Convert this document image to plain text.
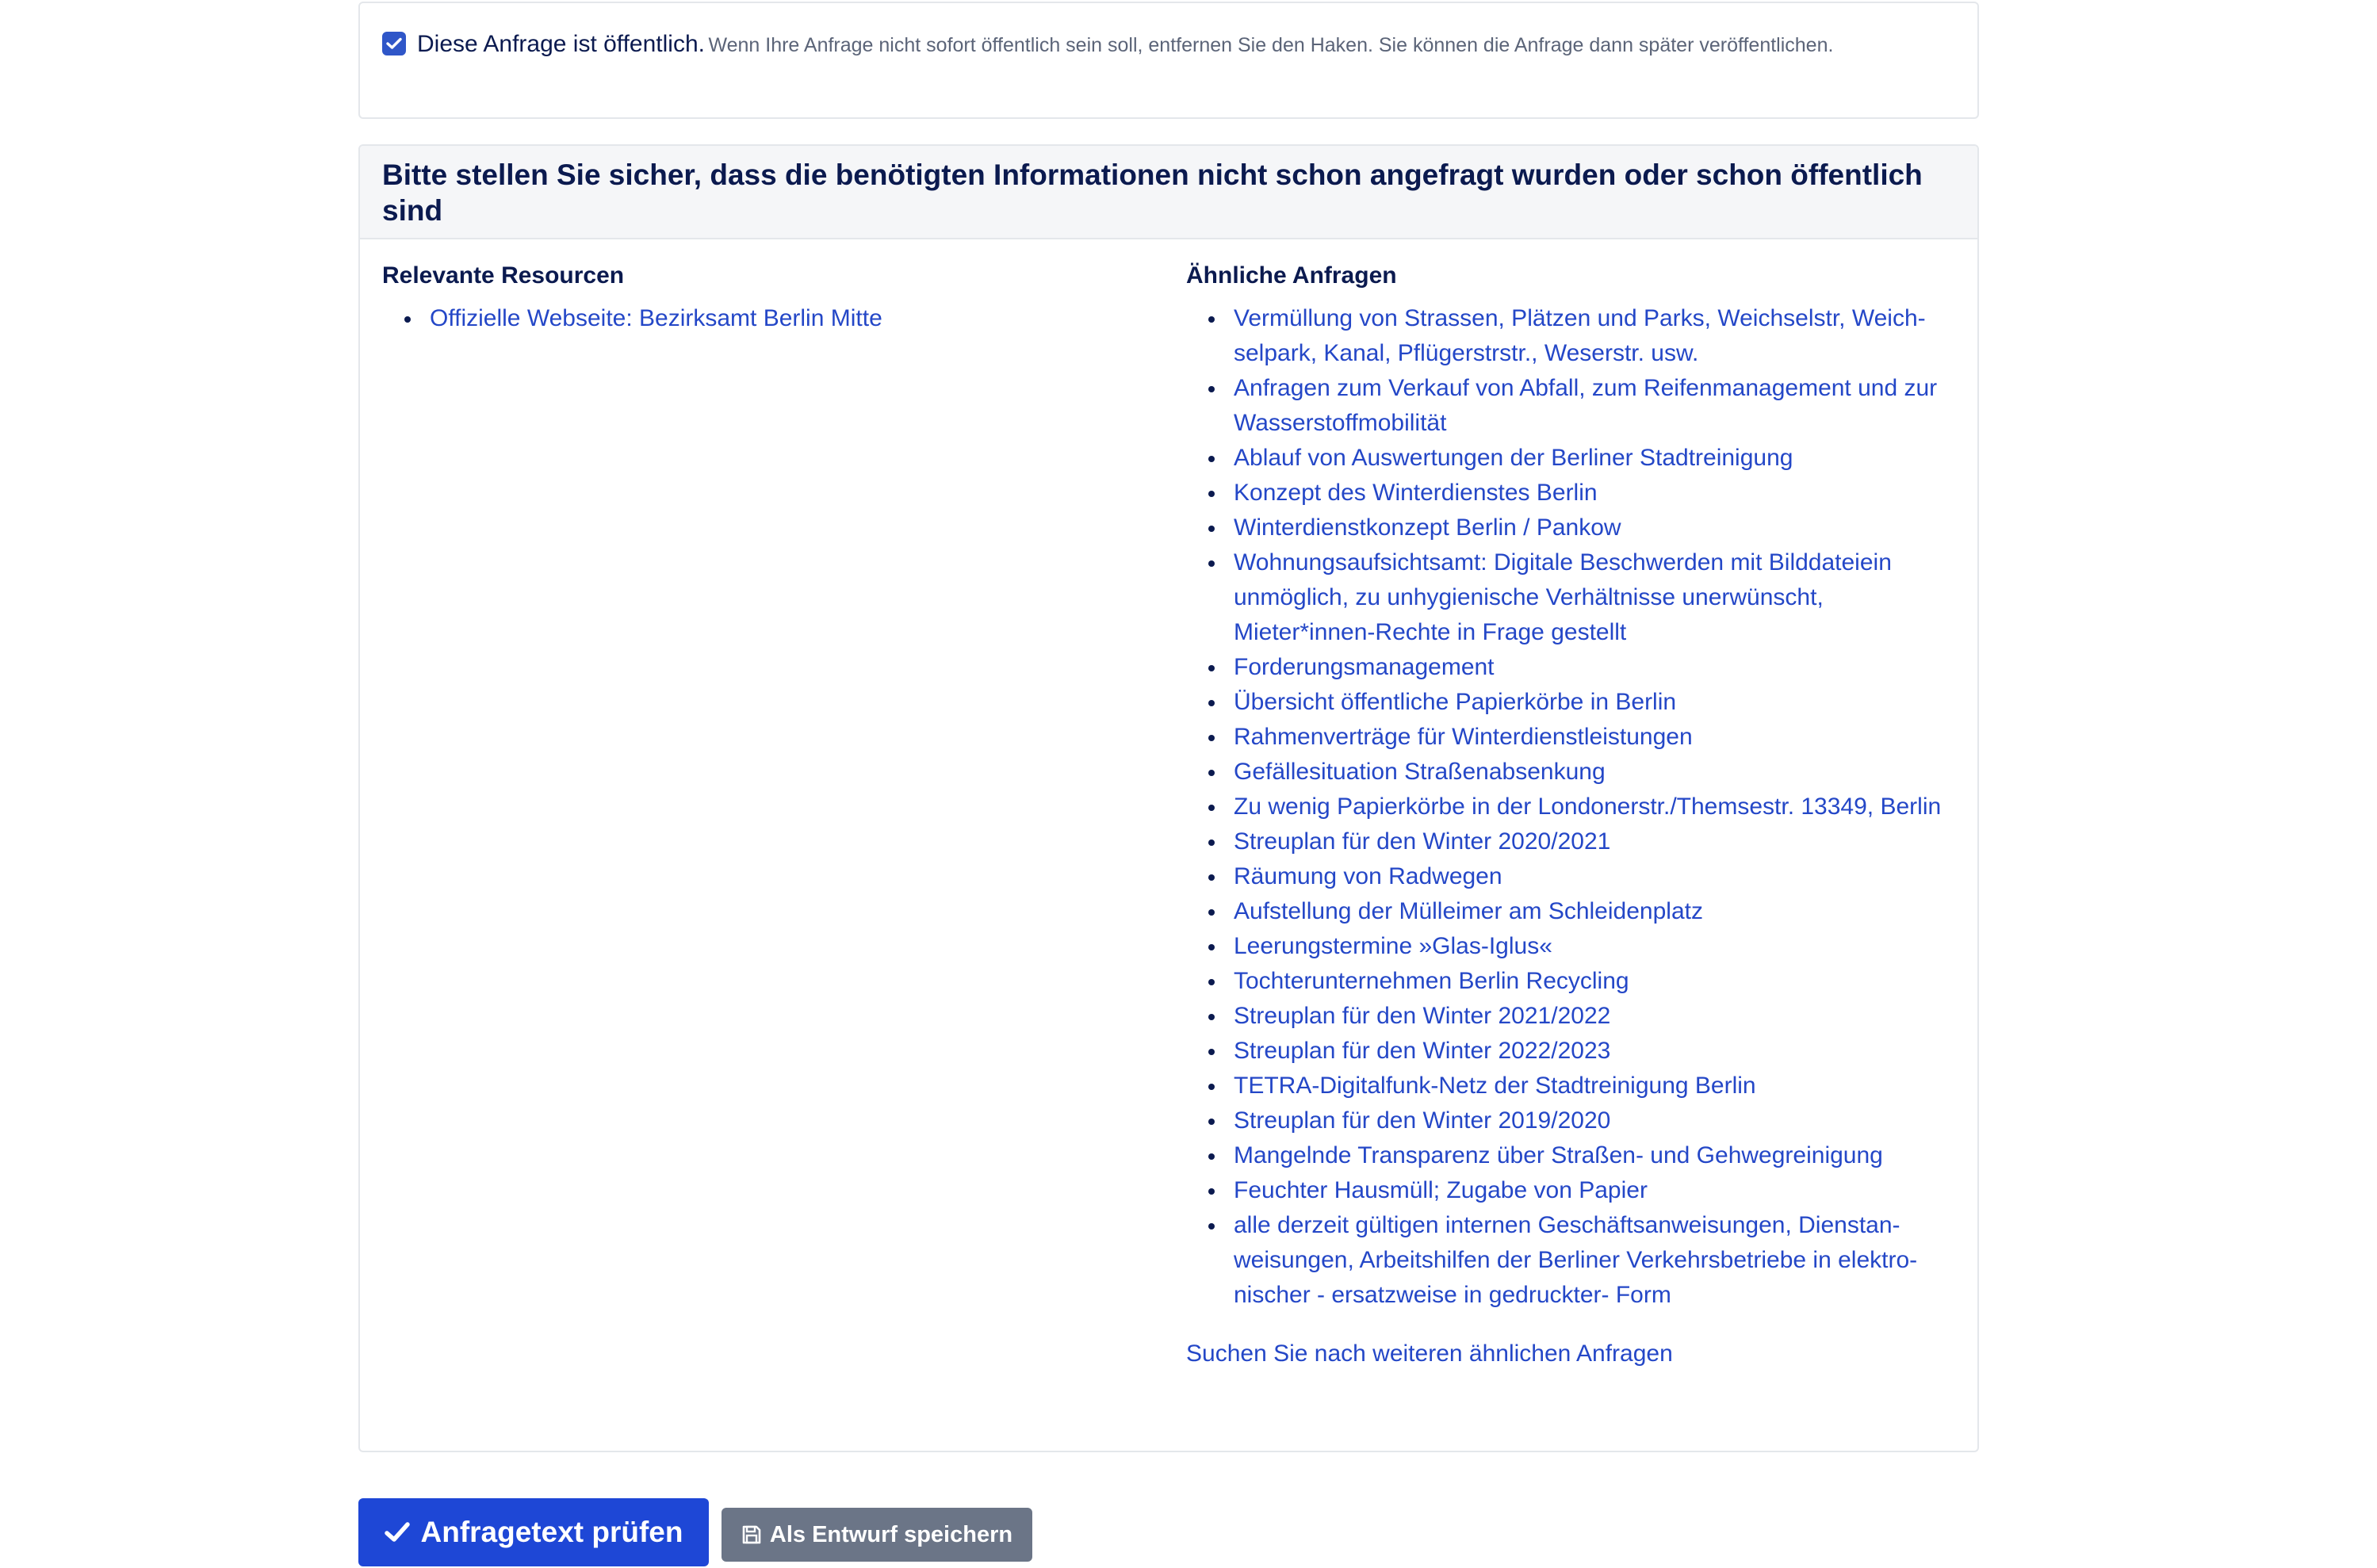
Diese Anfrage ist öffentlich. Wenn Ihre Anfrage nicht sofort öffentlich sein soll, entfernen Sie den Haken. Sie können die Anfrage dann später veröffentlichen.
Bitte stellen Sie sicher, dass die benötigten Informationen nicht schon angefragt wurden oder schon öffentlich sind
Relevante Resourcen
Offizielle Webseite: Bezirksamt Berlin Mitte
Ähnliche Anfragen
Vermüllung von Strassen, Plätzen und Parks, Weichselstr, Weich-selpark, Kanal, Pflügerstrstr., Weserstr. usw.
Anfragen zum Verkauf von Abfall, zum Reifenmanagement und zur Wasserstoffmobilität
Ablauf von Auswertungen der Berliner Stadtreinigung
Konzept des Winterdienstes Berlin
Winterdienstkonzept Berlin / Pankow
Wohnungsaufsichtsamt: Digitale Beschwerden mit Bilddateiein unmöglich, zu unhygienische Verhältnisse unerwünscht, Mieter*innen-Rechte in Frage gestellt
Forderungsmanagement
Übersicht öffentliche Papierkörbe in Berlin
Rahmenverträge für Winterdienstleistungen
Gefällesituation Straßenabsenkung
Zu wenig Papierkörbe in der Londonerstr./Themsestr. 13349, Berlin
Streuplan für den Winter 2020/2021
Räumung von Radwegen
Aufstellung der Mülleimer am Schleidenplatz
Leerungstermine »Glas-Iglus«
Tochterunternehmen Berlin Recycling
Streuplan für den Winter 2021/2022
Streuplan für den Winter 2022/2023
TETRA-Digitalfunk-Netz der Stadtreinigung Berlin
Streuplan für den Winter 2019/2020
Mangelnde Transparenz über Straßen- und Gehwegreinigung
Feuchter Hausmüll; Zugabe von Papier
alle derzeit gültigen internen Geschäftsanweisungen, Dienstan-weisungen, Arbeitshilfen der Berliner Verkehrsbetriebe in elektro-nischer - ersatzweise in gedruckter- Form
Suchen Sie nach weiteren ähnlichen Anfragen
Anfragetext prüfen	Als Entwurf speichern
